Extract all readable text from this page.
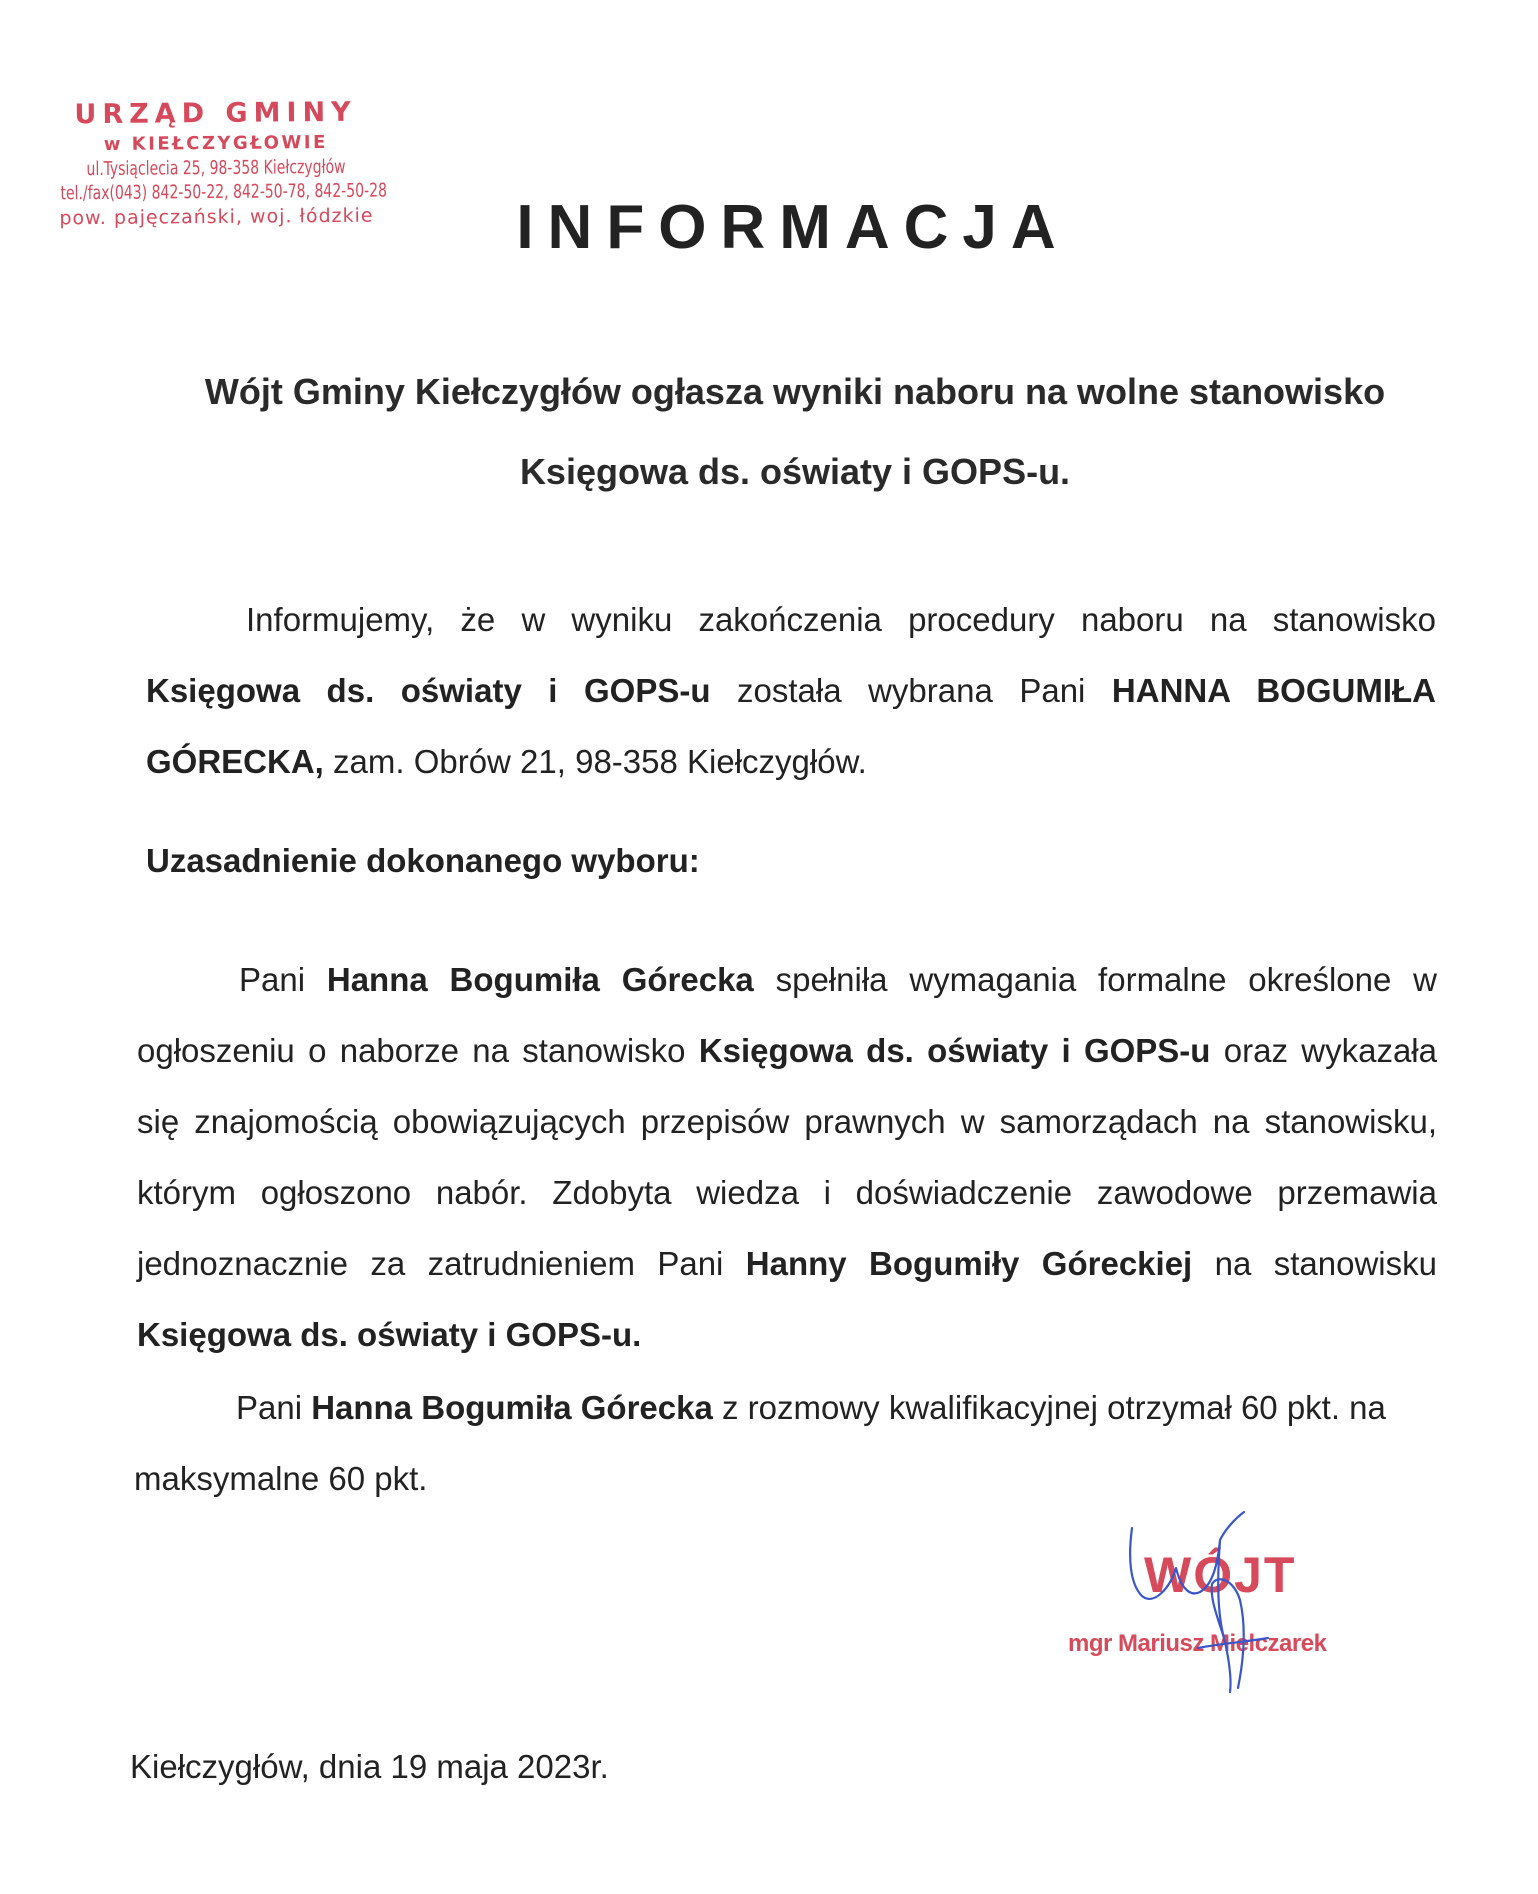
URZĄD GMINY
w KIEŁCZYGŁOWIE
ul.Tysiąclecia 25, 98-358 Kiełczygłów
tel./fax(043) 842-50-22, 842-50-78, 842-50-28
pow. pajęczański, woj. łódzkie	INFORMACJA
Wójt Gminy Kiełczygłów ogłasza wyniki naboru na wolne stanowisko
Księgowa ds. oświaty i GOPS-u.
Informujemy, że w wyniku zakończenia procedury naboru na stanowisko Księgowa ds. oświaty i GOPS-u została wybrana Pani HANNA BOGUMIŁA GÓRECKA, zam. Obrów 21, 98-358 Kiełczygłów.
Uzasadnienie dokonanego wyboru:
Pani Hanna Bogumiła Górecka spełniła wymagania formalne określone w ogłoszeniu o naborze na stanowisko Księgowa ds. oświaty i GOPS-u oraz wykazała się znajomością obowiązujących przepisów prawnych w samorządach na stanowisku, którym ogłoszono nabór. Zdobyta wiedza i doświadczenie zawodowe przemawia jednoznacznie za zatrudnieniem Pani Hanny Bogumiły Góreckiej na stanowisku Księgowa ds. oświaty i GOPS-u.
Pani Hanna Bogumiła Górecka z rozmowy kwalifikacyjnej otrzymał 60 pkt. na maksymalne 60 pkt.
WÓJT
mgr Mariusz Mielczarek
Kiełczygłów, dnia 19 maja 2023r.
